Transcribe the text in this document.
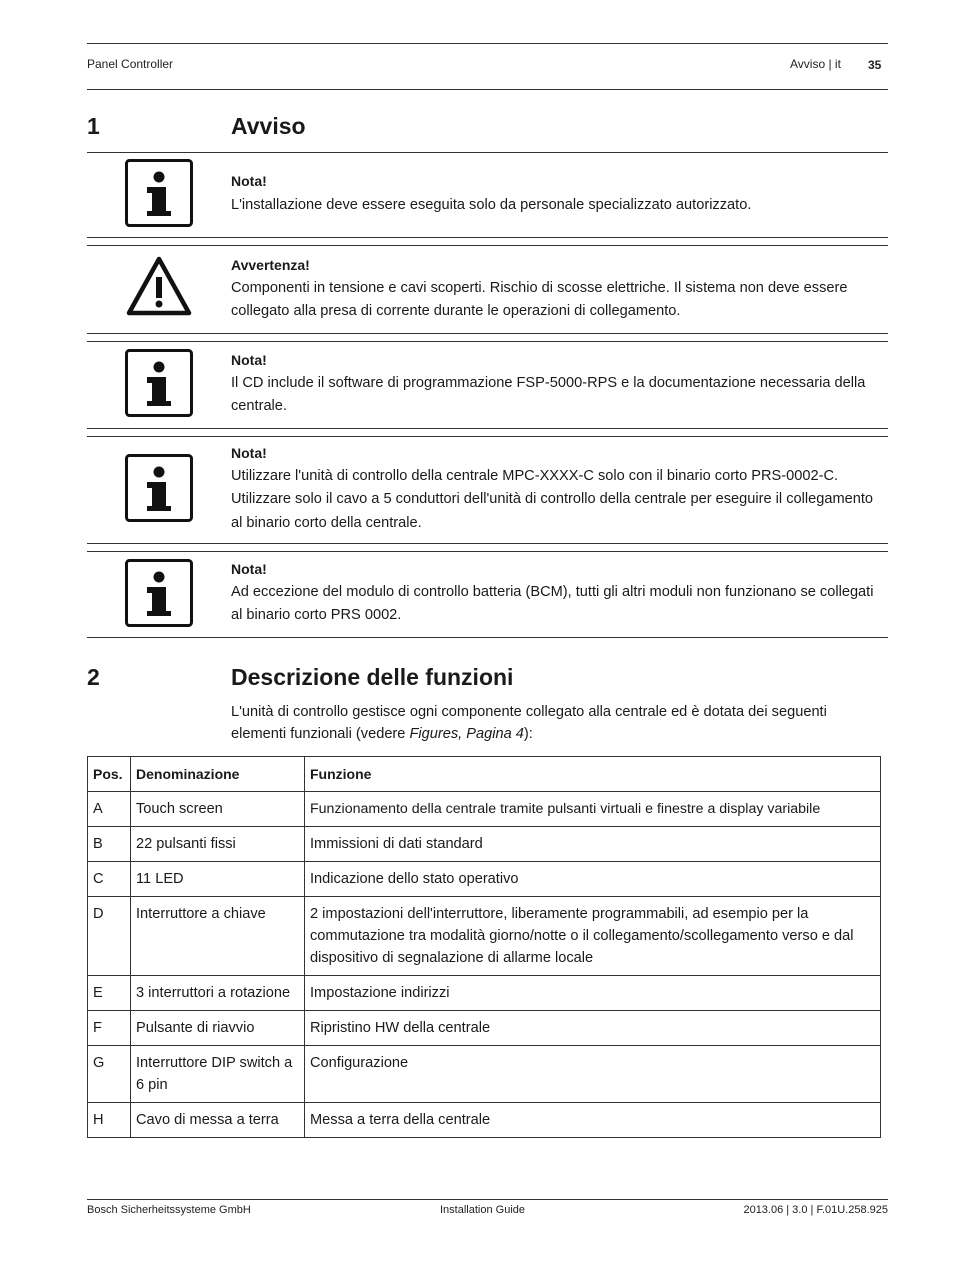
Panel Controller	Avviso | it 35
1	Avviso
Nota!
L'installazione deve essere eseguita solo da personale specializzato autorizzato.
Avvertenza!
Componenti in tensione e cavi scoperti. Rischio di scosse elettriche. Il sistema non deve essere collegato alla presa di corrente durante le operazioni di collegamento.
Nota!
Il CD include il software di programmazione FSP-5000-RPS e la documentazione necessaria della centrale.
Nota!
Utilizzare l'unità di controllo della centrale MPC-XXXX-C solo con il binario corto PRS-0002-C. Utilizzare solo il cavo a 5 conduttori dell'unità di controllo della centrale per eseguire il collegamento al binario corto della centrale.
Nota!
Ad eccezione del modulo di controllo batteria (BCM), tutti gli altri moduli non funzionano se collegati al binario corto PRS 0002.
2	Descrizione delle funzioni
L'unità di controllo gestisce ogni componente collegato alla centrale ed è dotata dei seguenti elementi funzionali (vedere Figures, Pagina 4):
Pos.	Denominazione	Funzione
A	Touch screen	Funzionamento della centrale tramite pulsanti virtuali e finestre a display variabile
B	22 pulsanti fissi	Immissioni di dati standard
C	11 LED	Indicazione dello stato operativo
D	Interruttore a chiave	2 impostazioni dell'interruttore, liberamente programmabili, ad esempio per la commutazione tra modalità giorno/notte o il collegamento/scollegamento verso e dal dispositivo di segnalazione di allarme locale
E	3 interruttori a rotazione	Impostazione indirizzi
F	Pulsante di riavvio	Ripristino HW della centrale
G	Interruttore DIP switch a 6 pin	Configurazione
H	Cavo di messa a terra	Messa a terra della centrale
Bosch Sicherheitssysteme GmbH	Installation Guide	2013.06 | 3.0 | F.01U.258.925
